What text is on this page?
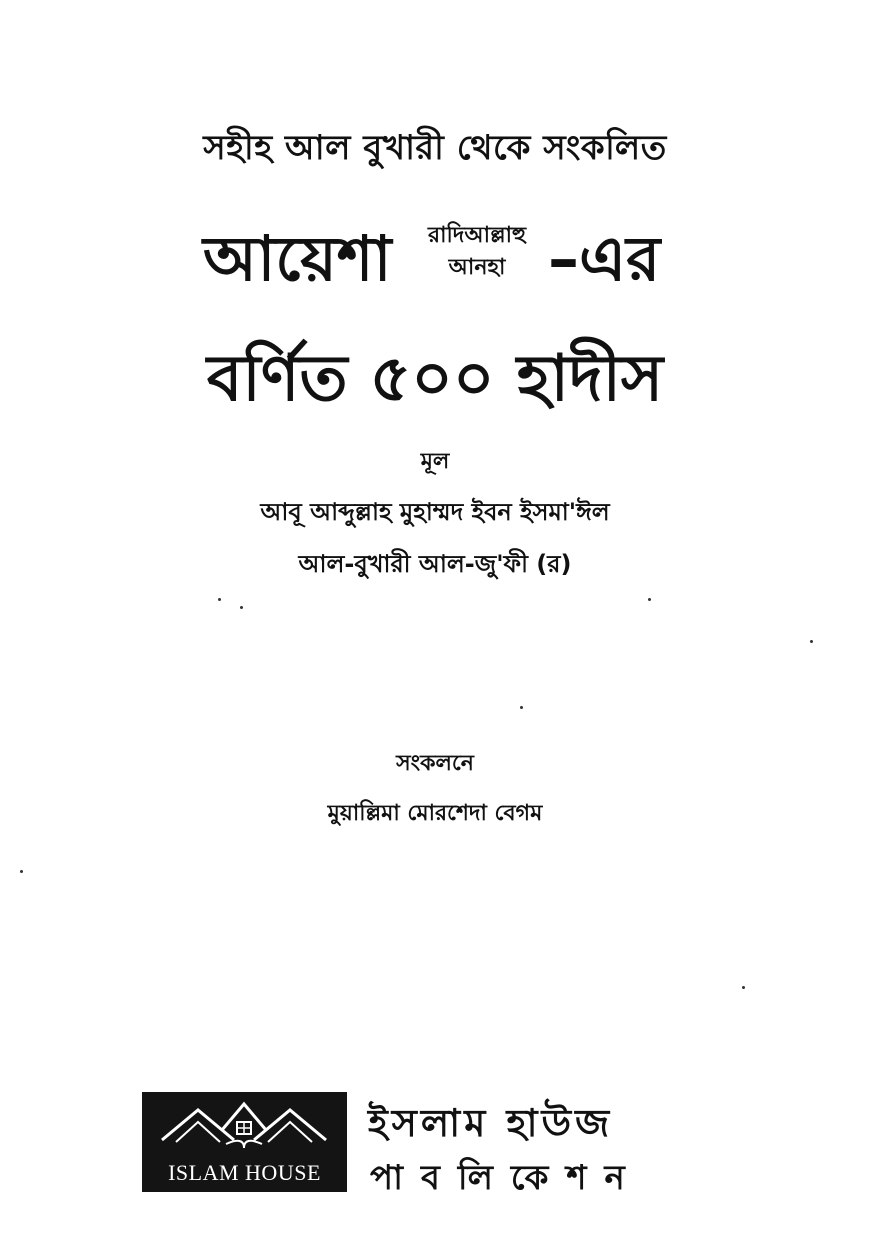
সহীহ আল বুখারী থেকে সংকলিত
আয়েশা রাদিআল্লাহু
আনহা –এর
বর্ণিত ৫০০ হাদীস
মূল
আবূ আব্দুল্লাহ মুহাম্মদ ইবন ইসমা'ঈল
আল-বুখারী আল-জু'ফী (র)
সংকলনে
মুয়াল্লিমা মোরশেদা বেগম
ISLAM HOUSE
ইসলাম হাউজ
পাবলিকেশন
